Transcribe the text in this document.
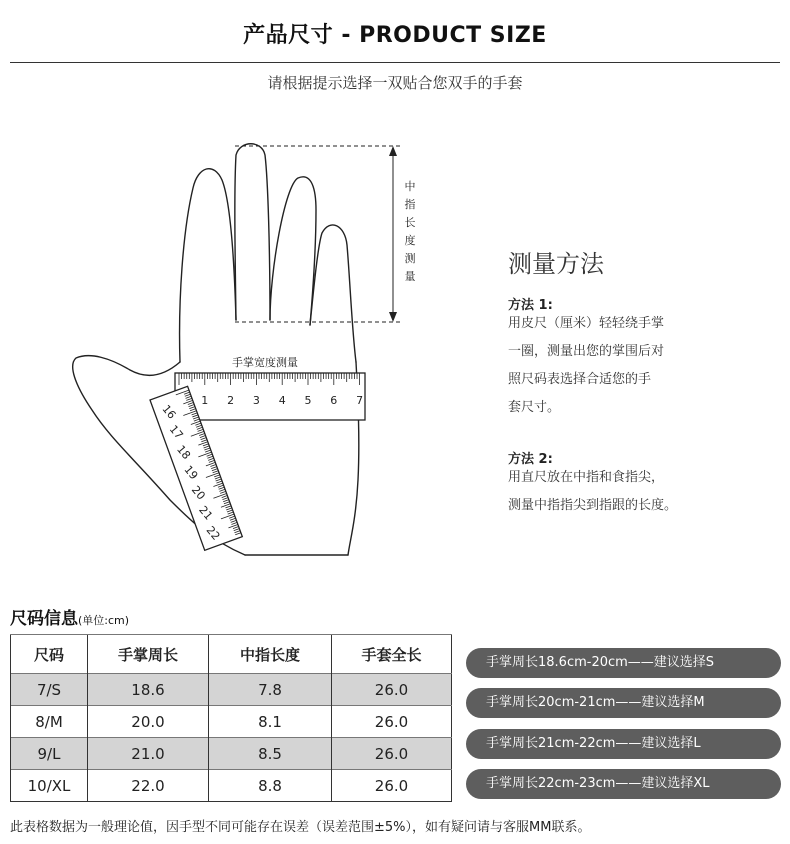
产品尺寸 - PRODUCT SIZE
请根据提示选择一双贴合您双手的手套
手掌宽度测量
1 2 3 4 5 6 7
16
17
18
19
20
21
22
中
指
长
度
测
量	测量方法
方法 1:
用皮尺（厘米）轻轻绕手掌
一圈，测量出您的掌围后对
照尺码表选择合适您的手
套尺寸。
方法 2:
用直尺放在中指和食指尖，
测量中指指尖到指跟的长度。
尺码信息(单位:cm)
尺码	手掌周长	中指长度	手套全长
7/S	18.6	7.8	26.0
8/M	20.0	8.1	26.0
9/L	21.0	8.5	26.0
10/XL	22.0	8.8	26.0
手掌周长18.6cm-20cm——建议选择S
手掌周长20cm-21cm——建议选择M
手掌周长21cm-22cm——建议选择L
手掌周长22cm-23cm——建议选择XL
此表格数据为一般理论值，因手型不同可能存在误差（误差范围±5%），如有疑问请与客服MM联系。
